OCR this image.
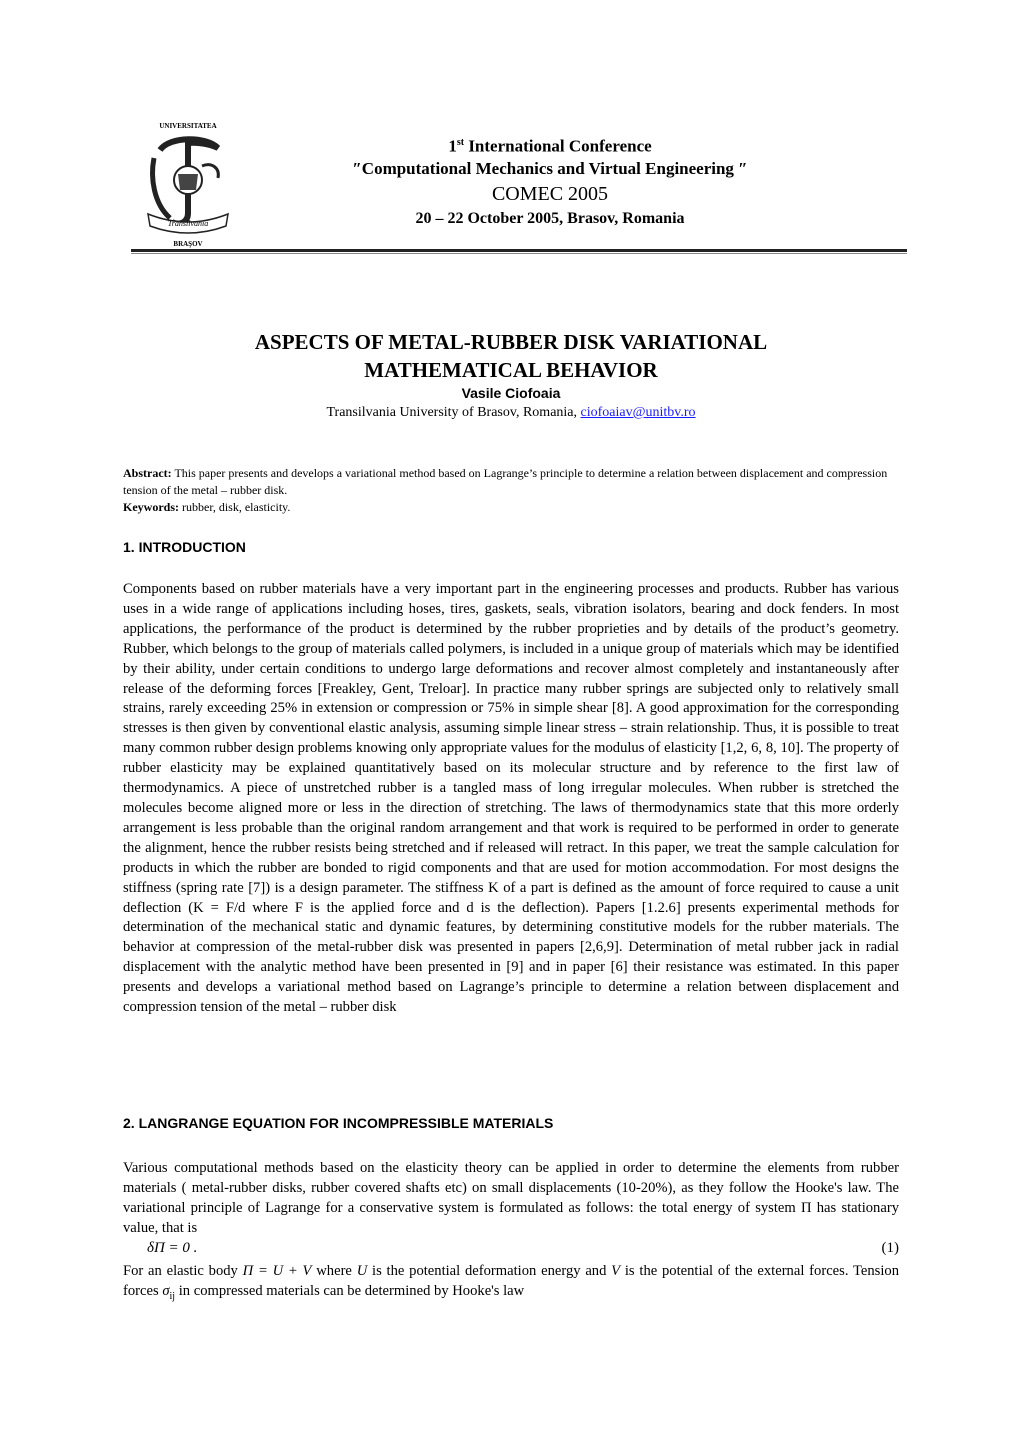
UNIVERSITATEA
Transilvania
BRAŞOV
1st International Conference
″Computational Mechanics and Virtual Engineering ″
COMEC 2005
20 – 22 October 2005, Brasov, Romania
ASPECTS OF METAL-RUBBER DISK VARIATIONAL
MATHEMATICAL BEHAVIOR
Vasile Ciofoaia
Transilvania University of Brasov, Romania, ciofoaiav@unitbv.ro
Abstract: This paper presents and develops a variational method based on Lagrange’s principle to determine a relation between displacement and compression tension of the metal – rubber disk.
Keywords: rubber, disk, elasticity.
1. INTRODUCTION
Components based on rubber materials have a very important part in the engineering processes and products. Rubber has various uses in a wide range of applications including hoses, tires, gaskets, seals, vibration isolators, bearing and dock fenders. In most applications, the performance of the product is determined by the rubber proprieties and by details of the product’s geometry. Rubber, which belongs to the group of materials called polymers, is included in a unique group of materials which may be identified by their ability, under certain conditions to undergo large deformations and recover almost completely and instantaneously after release of the deforming forces [Freakley, Gent, Treloar]. In practice many rubber springs are subjected only to relatively small strains, rarely exceeding 25% in extension or compression or 75% in simple shear [8]. A good approximation for the corresponding stresses is then given by conventional elastic analysis, assuming simple linear stress – strain relationship. Thus, it is possible to treat many common rubber design problems knowing only appropriate values for the modulus of elasticity [1,2, 6, 8, 10]. The property of rubber elasticity may be explained quantitatively based on its molecular structure and by reference to the first law of thermodynamics. A piece of unstretched rubber is a tangled mass of long irregular molecules. When rubber is stretched the molecules become aligned more or less in the direction of stretching. The laws of thermodynamics state that this more orderly arrangement is less probable than the original random arrangement and that work is required to be performed in order to generate the alignment, hence the rubber resists being stretched and if released will retract. In this paper, we treat the sample calculation for products in which the rubber are bonded to rigid components and that are used for motion accommodation. For most designs the stiffness (spring rate [7]) is a design parameter. The stiffness K of a part is defined as the amount of force required to cause a unit deflection (K = F/d where F is the applied force and d is the deflection). Papers [1.2.6] presents experimental methods for determination of the mechanical static and dynamic features, by determining constitutive models for the rubber materials. The behavior at compression of the metal-rubber disk was presented in papers [2,6,9]. Determination of metal rubber jack in radial displacement with the analytic method have been presented in [9] and in paper [6] their resistance was estimated. In this paper presents and develops a variational method based on Lagrange’s principle to determine a relation between displacement and compression tension of the metal – rubber disk
2. LANGRANGE EQUATION FOR INCOMPRESSIBLE MATERIALS
Various computational methods based on the elasticity theory can be applied in order to determine the elements from rubber materials ( metal-rubber disks, rubber covered shafts etc) on small displacements (10-20%), as they follow the Hooke's law. The variational principle of Lagrange for a conservative system is formulated as follows: the total energy of system Π has stationary value, that is
δΠ = 0 .	(1)
For an elastic body Π = U + V where U is the potential deformation energy and V is the potential of the external forces. Tension forces $\sigma_{ij}$ in compressed materials can be determined by Hooke's law
